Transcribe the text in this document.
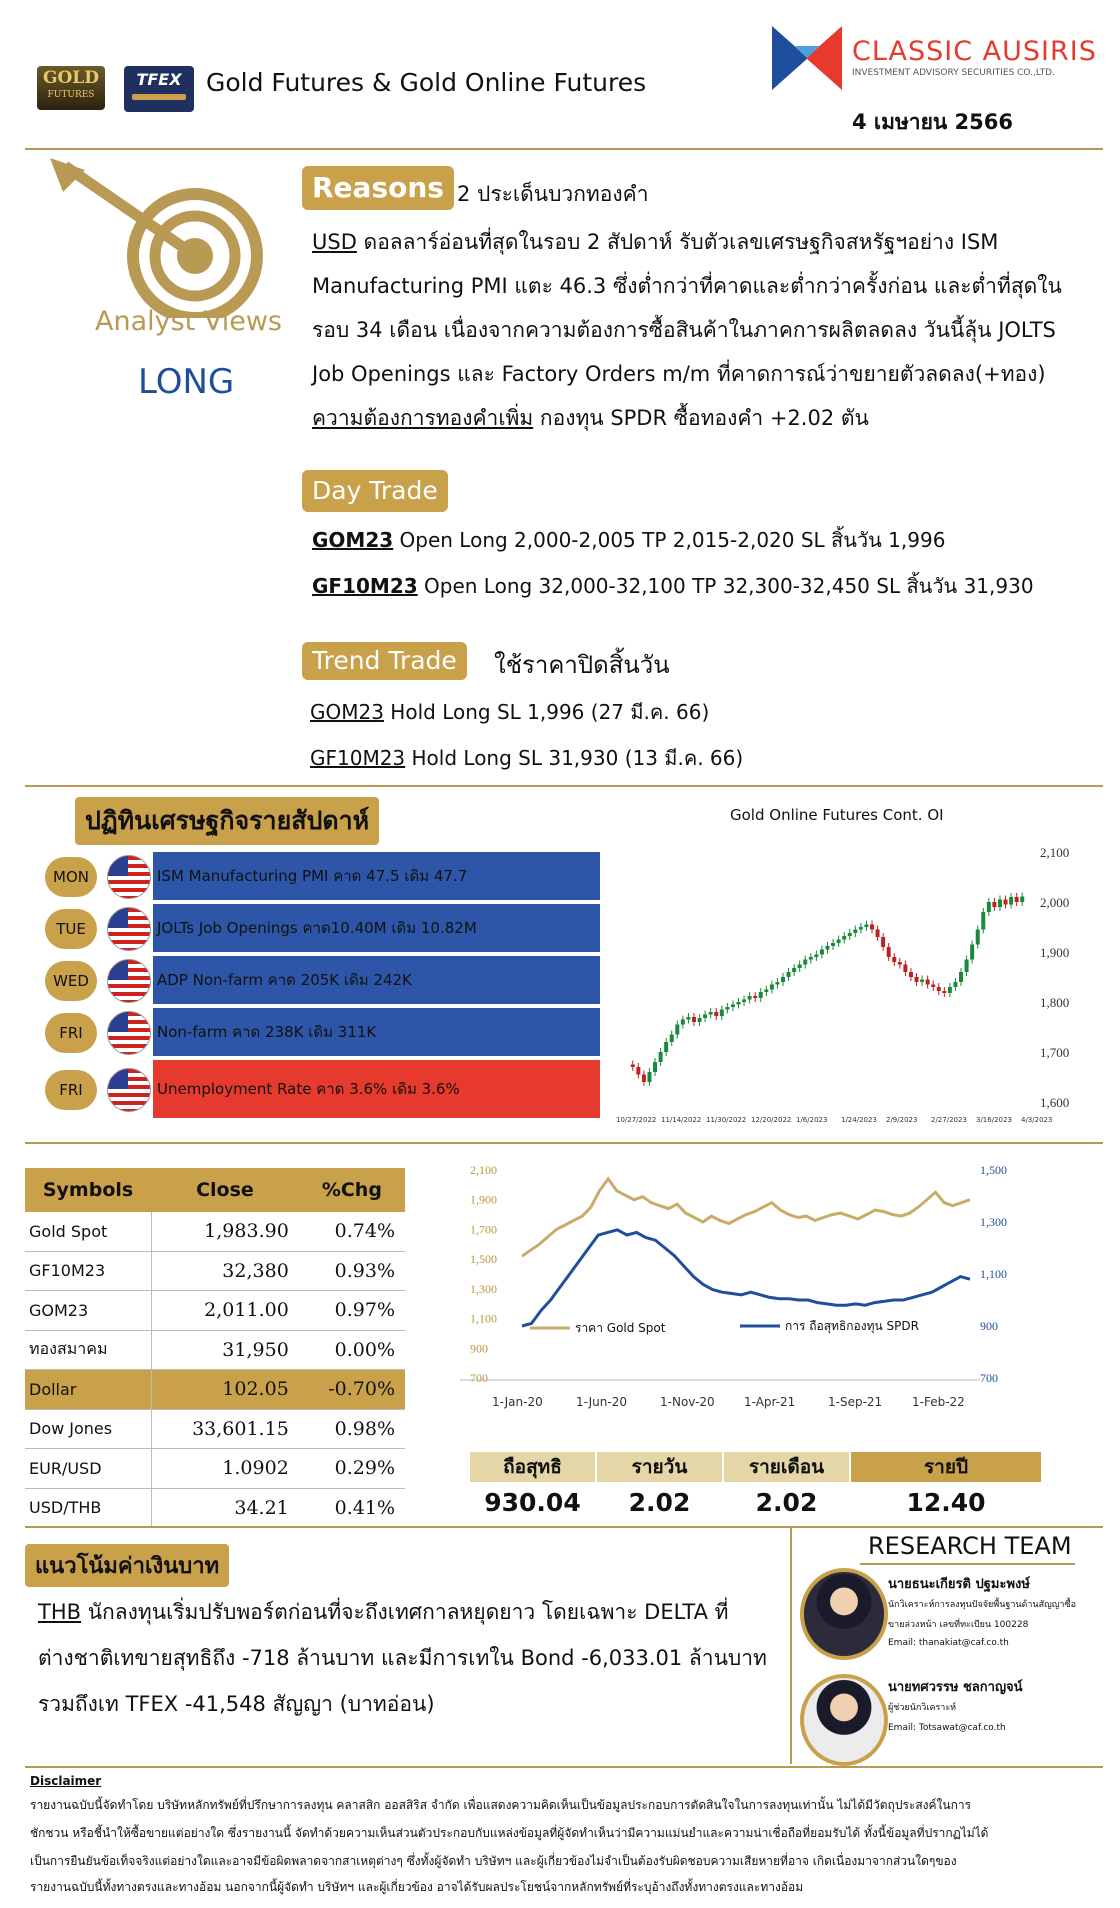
GOLD
FUTURES
TFEX Gold Futures & Gold Online Futures
CLASSIC AUSIRIS
INVESTMENT ADVISORY SECURITIES CO.,LTD.
4 เมษายน 2566
Analyst Views
LONG
Reasons 2 ประเด็นบวกทองคำ
USD ดอลลาร์อ่อนที่สุดในรอบ 2 สัปดาห์ รับตัวเลขเศรษฐกิจสหรัฐฯอย่าง ISM
Manufacturing PMI แตะ 46.3 ซึ่งต่ำกว่าที่คาดและต่ำกว่าครั้งก่อน และต่ำที่สุดใน
รอบ 34 เดือน เนื่องจากความต้องการซื้อสินค้าในภาคการผลิตลดลง วันนี้ลุ้น JOLTS
Job Openings และ Factory Orders m/m ที่คาดการณ์ว่าขยายตัวลดลง(+ทอง)
ความต้องการทองคำเพิ่ม กองทุน SPDR ซื้อทองคำ +2.02 ตัน
Day Trade
GOM23 Open Long 2,000-2,005 TP 2,015-2,020 SL สิ้นวัน 1,996
GF10M23 Open Long 32,000-32,100 TP 32,300-32,450 SL สิ้นวัน 31,930
Trend Trade	ใช้ราคาปิดสิ้นวัน
GOM23 Hold Long SL 1,996 (27 มี.ค. 66)
GF10M23 Hold Long SL 31,930 (13 มี.ค. 66)
ปฏิทินเศรษฐกิจรายสัปดาห์
MON	ISM Manufacturing PMI คาด 47.5 เดิม 47.7
TUE	JOLTs Job Openings คาด10.40M เดิม 10.82M
WED	ADP Non-farm คาด 205K เดิม 242K
FRI	Non-farm คาด 238K เดิม 311K
FRI	Unemployment Rate คาด 3.6% เดิม 3.6%
Gold Online Futures Cont. OI
2,100
2,000
1,900
1,800
1,700
1,600
10/27/2022 11/14/2022 11/30/2022 12/20/2022 1/6/2023 1/24/2023 2/9/2023 2/27/2023 3/16/2023 4/3/2023
Symbols	Close	%Chg
Gold Spot	1,983.90	0.74%
GF10M23	32,380	0.93%
GOM23	2,011.00	0.97%
ทองสมาคม	31,950	0.00%
Dollar	102.05	-0.70%
Dow Jones	33,601.15	0.98%
EUR/USD	1.0902	0.29%
USD/THB	34.21	0.41%
2,100
1,900
1,700
1,500
1,300
1,100
900
700
1,500
1,300
1,100
900
700
1-Jan-20	1-Jun-20	1-Nov-20 1-Apr-21	1-Sep-21 1-Feb-22
ราคา Gold Spot	การ ถือสุทธิกองทุน SPDR
ถือสุทธิ	รายวัน	รายเดือน	รายปี
930.04	2.02	2.02	12.40
แนวโน้มค่าเงินบาท
THB นักลงทุนเริ่มปรับพอร์ตก่อนที่จะถึงเทศกาลหยุดยาว โดยเฉพาะ DELTA ที่
ต่างชาติเทขายสุทธิถึง -718 ล้านบาท และมีการเทใน Bond -6,033.01 ล้านบาท
รวมถึงเท TFEX -41,548 สัญญา (บาทอ่อน)
RESEARCH TEAM
นายธนะเกียรติ ปฐมะพงษ์
นักวิเคราะห์การลงทุนปัจจัยพื้นฐานด้านสัญญาซื้อ
ขายล่วงหน้า เลขที่ทะเบียน 100228
Email: thanakiat@caf.co.th
นายทศวรรษ ชลกาญจน์
ผู้ช่วยนักวิเคราะห์
Email: Totsawat@caf.co.th
Disclaimer
รายงานฉบับนี้จัดทำโดย บริษัทหลักทรัพย์ที่ปรึกษาการลงทุน คลาสสิก ออสสิริส จำกัด เพื่อแสดงความคิดเห็นเป็นข้อมูลประกอบการตัดสินใจในการลงทุนเท่านั้น ไม่ได้มีวัตถุประสงค์ในการ
ชักชวน หรือชี้นำให้ซื้อขายแต่อย่างใด ซึ่งรายงานนี้ จัดทำด้วยความเห็นส่วนตัวประกอบกับแหล่งข้อมูลที่ผู้จัดทำเห็นว่ามีความแม่นยำและความน่าเชื่อถือที่ยอมรับได้ ทั้งนี้ข้อมูลที่ปรากฏไม่ได้
เป็นการยืนยันข้อเท็จจริงแต่อย่างใดและอาจมีข้อผิดพลาดจากสาเหตุต่างๆ ซึ่งทั้งผู้จัดทำ บริษัทฯ และผู้เกี่ยวข้องไม่จำเป็นต้องรับผิดชอบความเสียหายที่อาจ เกิดเนื่องมาจากส่วนใดๆของ
รายงานฉบับนี้ทั้งทางตรงและทางอ้อม นอกจากนี้ผู้จัดทำ บริษัทฯ และผู้เกี่ยวข้อง อาจได้รับผลประโยชน์จากหลักทรัพย์ที่ระบุอ้างถึงทั้งทางตรงและทางอ้อม
